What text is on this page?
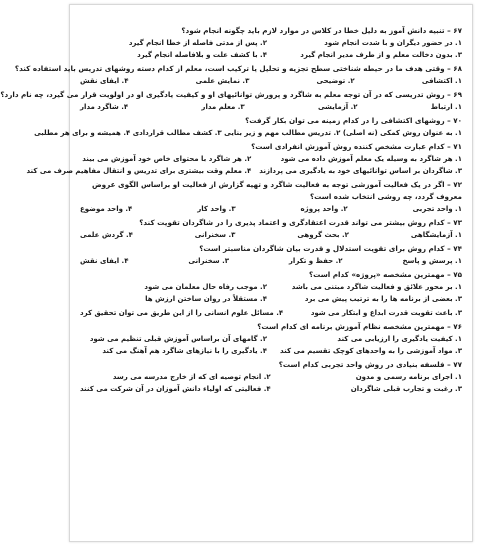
۶۷ – تنبیه دانش آموز به دلیل خطا در کلاس در موارد لازم باید چگونه انجام شود؟
۱. در حضور دیگران و با شدت انجام شود
۲. پس از مدتی فاصله از خطا انجام گیرد
۳. بدون دخالت معلم و از طرف مدیر انجام گیرد
۴. با کشف علت و بلافاصله انجام گیرد
۶۸ – وقتی هدف ما در حیطه شناختی سطح تجزیه و تحلیل یا ترکیب است، معلم از کدام دسته روشهای تدریس باید استفاده کند؟
۱. اکتشافی
۲. توضیحی
۳. نمایش علمی
۴. ایفای نقش
۶۹ – روش تدریسی که در آن توجه معلم به شاگرد و پرورش توانائیهای او و کیفیت یادگیری او در اولویت قرار می گیرد، چه نام دارد؟
۱. ارتباط
۲. آزمایشی
۳. معلم مدار
۴. شاگرد مدار
۷۰ – روشهای اکتشافی را در کدام زمینه می توان بکار گرفت؟
۱. به عنوان روش کمکی (نه اصلی) ۲. تدریس مطالب مهم و زیر بنایی ۳. کشف مطالب قراردادی ۴. همیشه و برای هر مطلبی
۷۱ – کدام عبارت مشخص کننده روش آموزش انفرادی است؟
۱. هر شاگرد به وسیله یک معلم آموزش داده می شود
۲. هر شاگرد با محتوای خاص خود آموزش می بیند
۳. شاگردان بر اساس توانائیهای خود به یادگیری می پردازند
۴. معلم وقت بیشتری برای تدریس و انتقال مفاهیم صرف می کند
۷۲ – اگر در یک فعالیت آموزشی توجه به فعالیت شاگرد و تهیه گزارش از فعالیت او براساس الگوی عروض معروف گردد، چه روشی انتخاب شده است؟
۱. واحد تجربی
۲. واحد پروژه
۳. واحد کار
۴. واحد موضوع
۷۳ – کدام روش بیشتر می تواند قدرت اعتقادگری و اعتماد پذیری را در شاگردان تقویت کند؟
۱. آزمایشگاهی
۲. بحث گروهی
۳. سخنرانی
۴. گردش علمی
۷۴ – کدام روش برای تقویت استدلال و قدرت بیان شاگردان مناسبتر است؟
۱. پرسش و پاسخ
۲. حفظ و تکرار
۳. سخنرانی
۴. ایفای نقش
۷۵ – مهمترین مشخصه «پروژه» کدام است؟
۱. بر محور علائق و فعالیت شاگرد مبتنی می باشد
۲. موجب رفاه حال معلمان می شود
۳. بعضی از برنامه ها را به ترتیب پیش می برد
۴. مستقلاً در روان ساختن ارزش ها
۳. باعث تقویت قدرت ابداع و ابتکار می شود
۴. مسائل علوم انسانی را از این طریق می توان تحقیق کرد
۷۶ – مهمترین مشخصه نظام آموزش برنامه ای کدام است؟
۱. کیفیت یادگیری را ارزیابی می کند
۲. گامهای آن براساس آموزش قبلی تنظیم می شود
۳. مواد آموزشی را به واحدهای کوچک تقسیم می کند
۴. یادگیری را با نیازهای شاگرد هم آهنگ می کند
۷۷ – فلسفه بنیادی در روش واحد تجربی کدام است؟
۱. اجرای برنامه رسمی و مدون
۲. انجام توصیه ای که از خارج مدرسه می رسد
۳. رغبت و تجارب قبلی شاگردان
۴. فعالیتی که اولیاء دانش آموزان در آن شرکت می کنند
